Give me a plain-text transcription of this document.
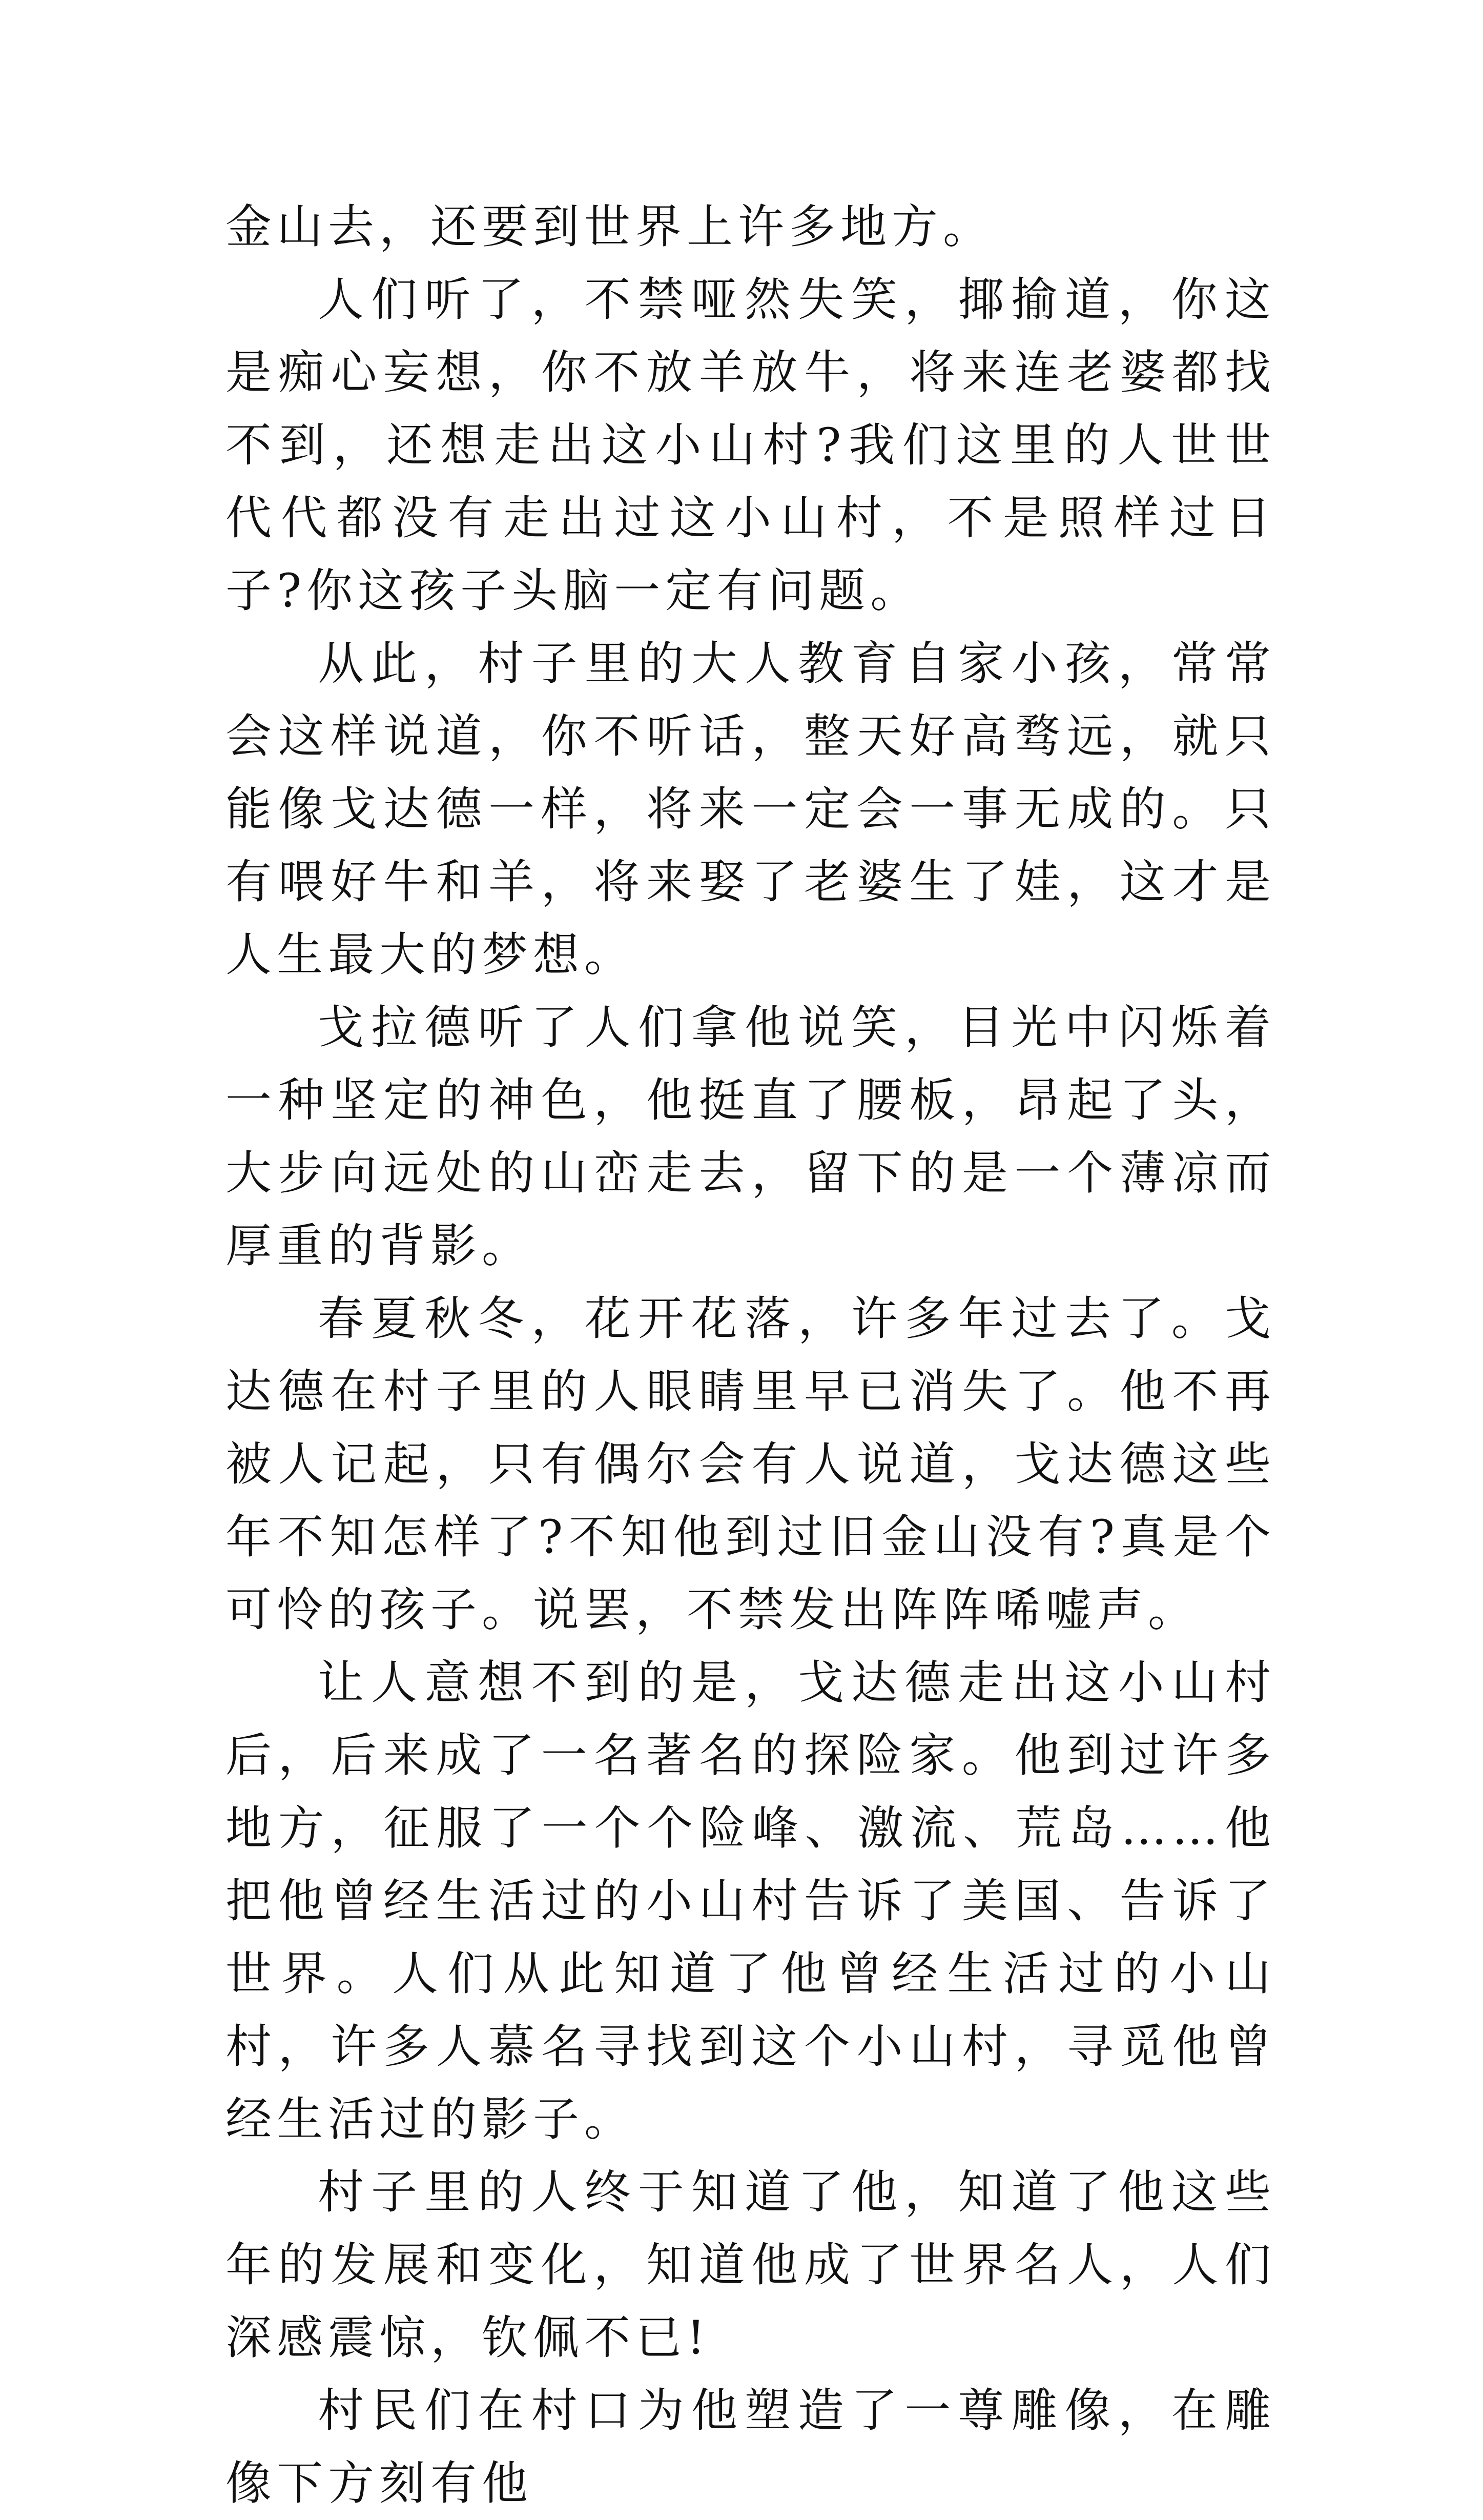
金山去，还要到世界上许多地方。

人们听了，不禁哑然失笑，揶揄道，你这是痴心妄想，你不放羊放牛，将来连老婆都找不到，还想走出这小山村?我们这里的人世世代代都没有走出过这小山村，不是照样过日子?你这孩子头脑一定有问题。

从此，村子里的大人教育自家小孩，常常会这样说道，你不听话，整天好高骛远，就只能像戈达德一样，将来一定会一事无成的。只有喂好牛和羊，将来娶了老婆生了娃，这才是人生最大的梦想。

戈拉德听了人们拿他说笑，目光中闪烁着一种坚定的神色，他挺直了腰板，昂起了头，大步向远处的山峦走去，留下的是一个薄凉而厚重的背影。

春夏秋冬，花开花落，许多年过去了。戈达德在村子里的人眼睛里早已消失了。他不再被人记起，只有偶尔会有人说道，戈达德这些年不知怎样了?不知他到过旧金山没有?真是个可怜的孩子。说罢，不禁发出阵阵唏嘘声。

让人意想不到的是，戈达德走出这小山村后，后来成了一名著名的探险家。他到过许多地方，征服了一个个险峰、激流、荒岛……他把他曾经生活过的小山村告诉了美国、告诉了世界。人们从此知道了他曾经生活过的小山村，许多人慕名寻找到这个小山村，寻觅他曾经生活过的影子。

村子里的人终于知道了他，知道了他这些年的发展和变化，知道他成了世界名人，人们深感震惊，钦佩不已!

村民们在村口为他塑造了一尊雕像，在雕像下方刻有他
